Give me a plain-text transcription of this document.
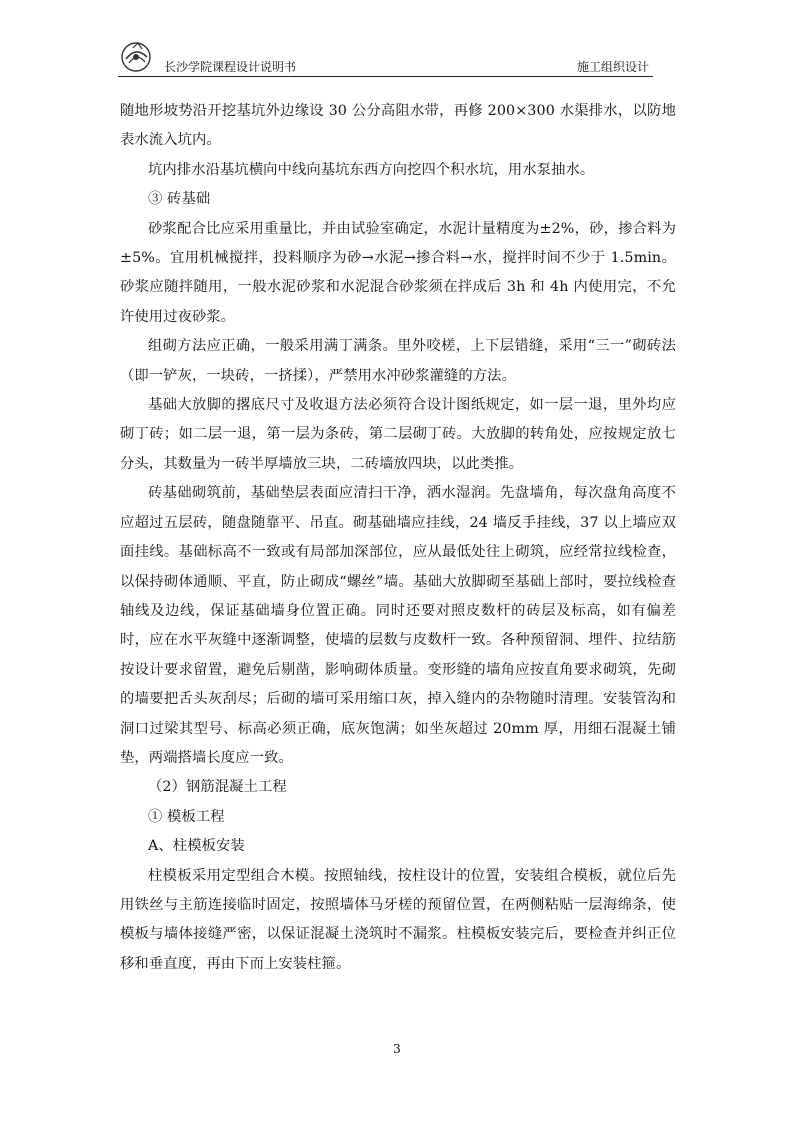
长沙学院课程设计说明书	施工组织设计

随地形坡势沿开挖基坑外边缘设 30 公分高阻水带，再修 200×300 水渠排水，以防地表水流入坑内。

坑内排水沿基坑横向中线向基坑东西方向挖四个积水坑，用水泵抽水。

③ 砖基础

砂浆配合比应采用重量比，并由试验室确定，水泥计量精度为±2%，砂，掺合料为±5%。宜用机械搅拌，投料顺序为砂→水泥→掺合料→水，搅拌时间不少于 1.5min。砂浆应随拌随用，一般水泥砂浆和水泥混合砂浆须在拌成后 3h 和 4h 内使用完，不允许使用过夜砂浆。

组砌方法应正确，一般采用满丁满条。里外咬槎，上下层错缝，采用“三一”砌砖法（即一铲灰，一块砖，一挤揉），严禁用水冲砂浆灌缝的方法。

基础大放脚的撂底尺寸及收退方法必须符合设计图纸规定，如一层一退，里外均应砌丁砖；如二层一退，第一层为条砖，第二层砌丁砖。大放脚的转角处，应按规定放七分头，其数量为一砖半厚墙放三块，二砖墙放四块，以此类推。

砖基础砌筑前，基础垫层表面应清扫干净，洒水湿润。先盘墙角，每次盘角高度不应超过五层砖，随盘随靠平、吊直。砌基础墙应挂线，24 墙反手挂线，37 以上墙应双面挂线。基础标高不一致或有局部加深部位，应从最低处往上砌筑，应经常拉线检查，以保持砌体通顺、平直，防止砌成“螺丝”墙。基础大放脚砌至基础上部时，要拉线检查轴线及边线，保证基础墙身位置正确。同时还要对照皮数杆的砖层及标高，如有偏差时，应在水平灰缝中逐渐调整，使墙的层数与皮数杆一致。各种预留洞、埋件、拉结筋按设计要求留置，避免后剔凿，影响砌体质量。变形缝的墙角应按直角要求砌筑，先砌的墙要把舌头灰刮尽；后砌的墙可采用缩口灰，掉入缝内的杂物随时清理。安装管沟和洞口过梁其型号、标高必须正确，底灰饱满；如坐灰超过 20mm 厚，用细石混凝土铺垫，两端搭墙长度应一致。

（2）钢筋混凝土工程

① 模板工程

A、柱模板安装

柱模板采用定型组合木模。按照轴线，按柱设计的位置，安装组合模板，就位后先用铁丝与主筋连接临时固定，按照墙体马牙槎的预留位置，在两侧粘贴一层海绵条，使模板与墙体接缝严密，以保证混凝土浇筑时不漏浆。柱模板安装完后，要检查并纠正位移和垂直度，再由下而上安装柱箍。

3
